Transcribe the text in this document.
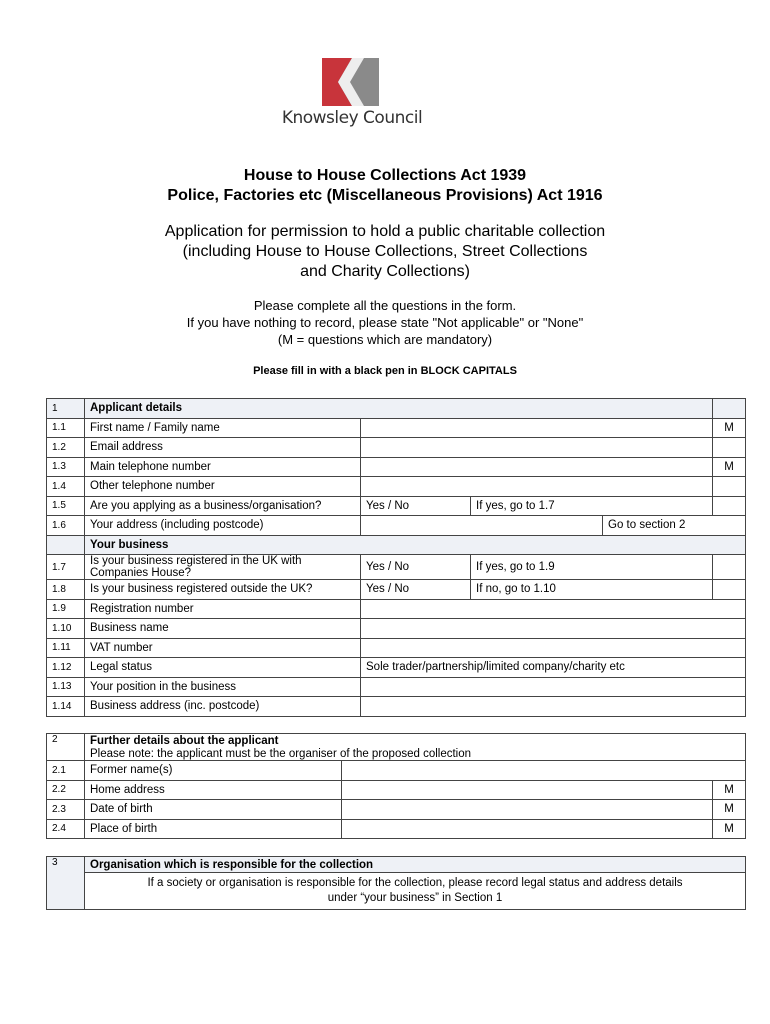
Knowsley Council
House to House Collections Act 1939
Police, Factories etc (Miscellaneous Provisions) Act 1916
Application for permission to hold a public charitable collection
(including House to House Collections, Street Collections
and Charity Collections)
Please complete all the questions in the form.
If you have nothing to record, please state "Not applicable" or "None"
(M = questions which are mandatory)
Please fill in with a black pen in BLOCK CAPITALS
1	Applicant details				
1.1	First name / Family name				M
1.2	Email address				
1.3	Main telephone number				M
1.4	Other telephone number				
1.5	Are you applying as a business/organisation?	Yes / No	If yes, go to 1.7		
1.6	Your address (including postcode)			Go to section 2	
	Your business				
1.7	Is your business registered in the UK with Companies House?	Yes / No	If yes, go to 1.9		
1.8	Is your business registered outside the UK?	Yes / No	If no, go to 1.10		
1.9	Registration number				
1.10	Business name				
1.11	VAT number				
1.12	Legal status	Sole trader/partnership/limited company/charity etc			
1.13	Your position in the business				
1.14	Business address (inc. postcode)				
2	Further details about the applicant		
	Please note: the applicant must be the organiser of the proposed collection		
2.1	Former name(s)		
2.2	Home address		M
2.3	Date of birth		M
2.4	Place of birth		M
3	Organisation which is responsible for the collection

If a society or organisation is responsible for the collection, please record legal status and address details
under “your business” in Section 1
